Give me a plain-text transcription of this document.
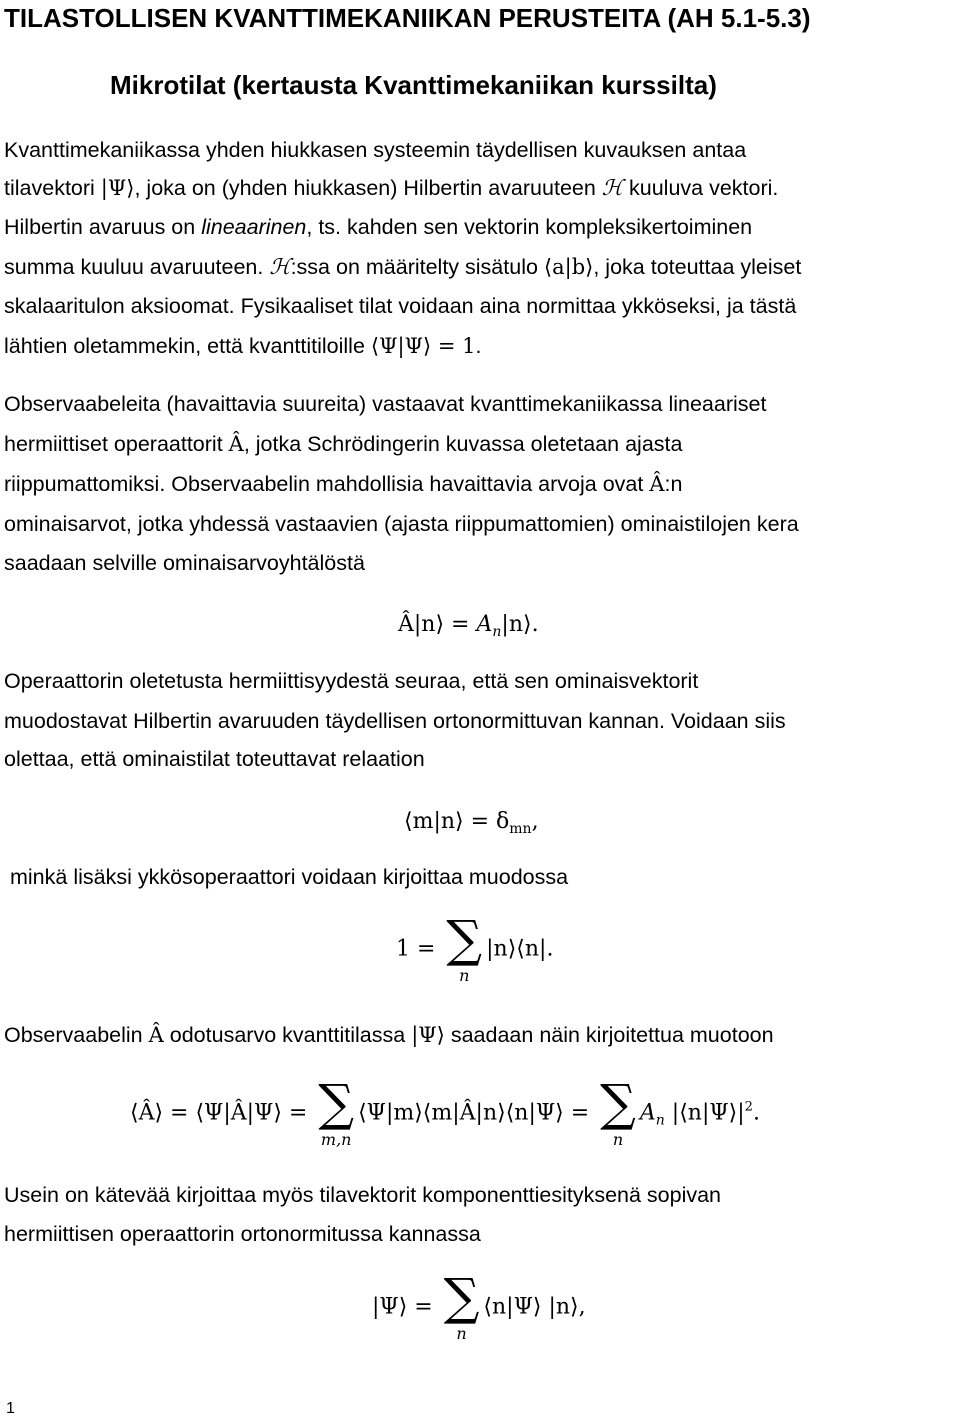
TILASTOLLISEN KVANTTIMEKANIIKAN PERUSTEITA (AH 5.1-5.3)
Mikrotilat (kertausta Kvanttimekaniikan kurssilta)
Kvanttimekaniikassa yhden hiukkasen systeemin täydellisen kuvauksen antaa
tilavektori |Ψ⟩, joka on (yhden hiukkasen) Hilbertin avaruuteen ℋ kuuluva vektori.
Hilbertin avaruus on lineaarinen, ts. kahden sen vektorin kompleksikertoiminen
summa kuuluu avaruuteen. ℋ:ssa on määritelty sisätulo ⟨a|b⟩, joka toteuttaa yleiset
skalaaritulon aksioomat. Fysikaaliset tilat voidaan aina normittaa ykköseksi, ja tästä
lähtien oletammekin, että kvanttitiloille ⟨Ψ|Ψ⟩ = 1.
Observaabeleita (havaittavia suureita) vastaavat kvanttimekaniikassa lineaariset
hermiittiset operaattorit Â, jotka Schrödingerin kuvassa oletetaan ajasta
riippumattomiksi. Observaabelin mahdollisia havaittavia arvoja ovat Â:n
ominaisarvot, jotka yhdessä vastaavien (ajasta riippumattomien) ominaistilojen kera
saadaan selville ominaisarvoyhtälöstä
Â|n⟩ = $A_n|n⟩$.
Operaattorin oletetusta hermiittisyydestä seuraa, että sen ominaisvektorit
muodostavat Hilbertin avaruuden täydellisen ortonormittuvan kannan. Voidaan siis
olettaa, että ominaistilat toteuttavat relaation
⟨m|n⟩ = $\delta_{mn}$,
minkä lisäksi ykkösoperaattori voidaan kirjoittaa muodossa
1 = ∑
n
|n⟩⟨n|.
Observaabelin Â odotusarvo kvanttitilassa |Ψ⟩ saadaan näin kirjoitettua muotoon
⟨Â⟩ = ⟨Ψ|Â|Ψ⟩ = ∑
m,n
⟨Ψ|m⟩⟨m|Â|n⟩⟨n|Ψ⟩ = ∑
n
$A_n$ $|⟨n|\Psi⟩|^2$.
Usein on kätevää kirjoittaa myös tilavektorit komponenttiesityksenä sopivan
hermiittisen operaattorin ortonormitussa kannassa
|Ψ⟩ = ∑
n
⟨n|Ψ⟩ |n⟩,
1
